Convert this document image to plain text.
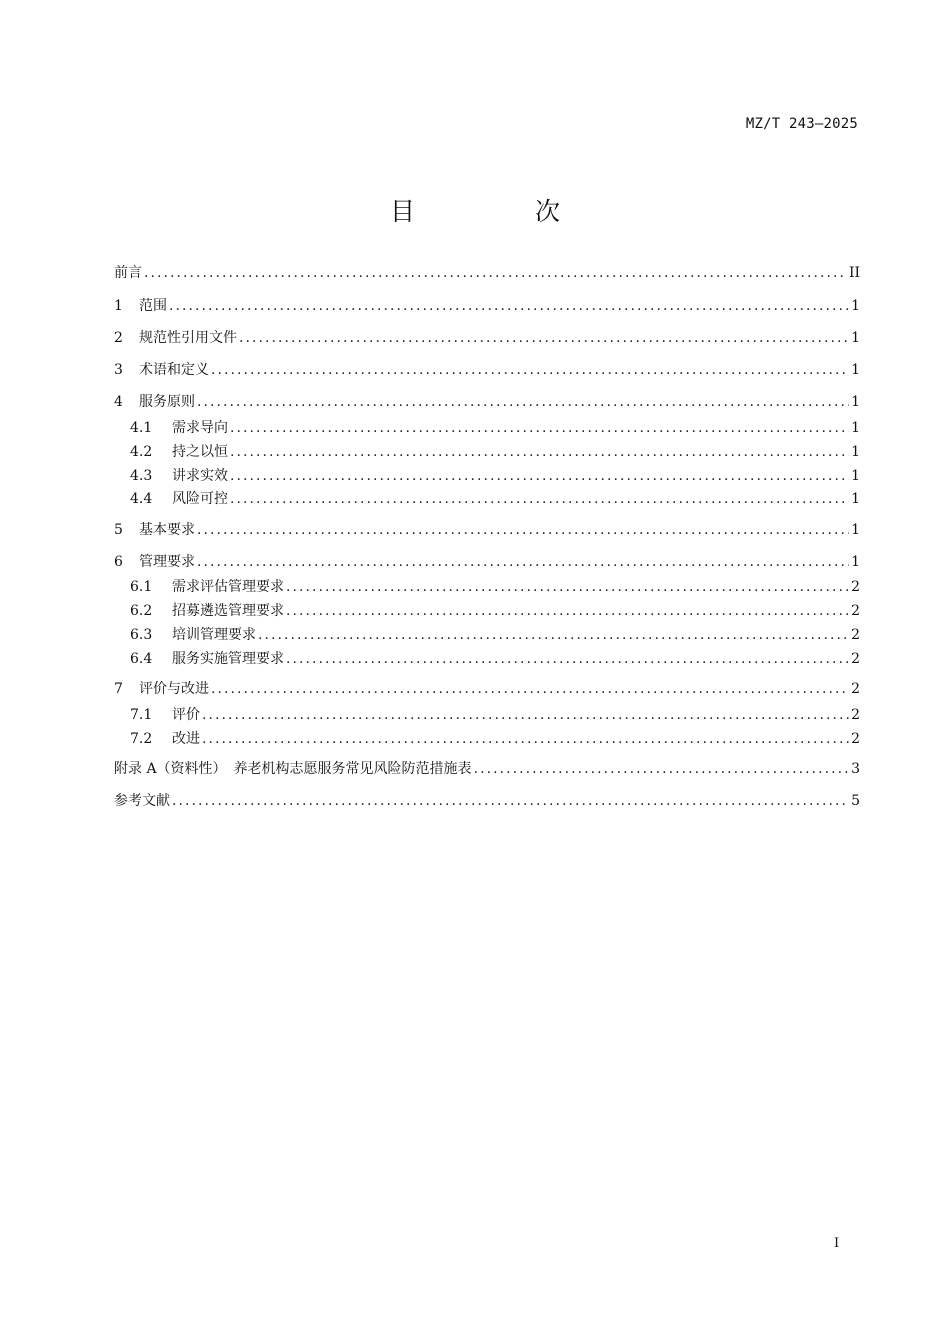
MZ/T 243—2025
目 次
前言 . . .	II
1	范围 . . .	1
2	规范性引用文件 . . .	1
3	术语和定义 . . .	1
4	服务原则 . . .	1
4.1	需求导向 . . .	1
4.2	持之以恒 . . .	1
4.3	讲求实效 . . .	1
4.4	风险可控 . . .	1
5	基本要求 . . .	1
6	管理要求 . . .	1
6.1	需求评估管理要求 . . .	2
6.2	招募遴选管理要求 . . .	2
6.3	培训管理要求 . . .	2
6.4	服务实施管理要求 . . .	2
7	评价与改进 . . .	2
7.1	评价 . . .	2
7.2	改进 . . .	2
附录 A（资料性）　养老机构志愿服务常见风险防范措施表 . . .	3
参考文献 . . .	5
I
